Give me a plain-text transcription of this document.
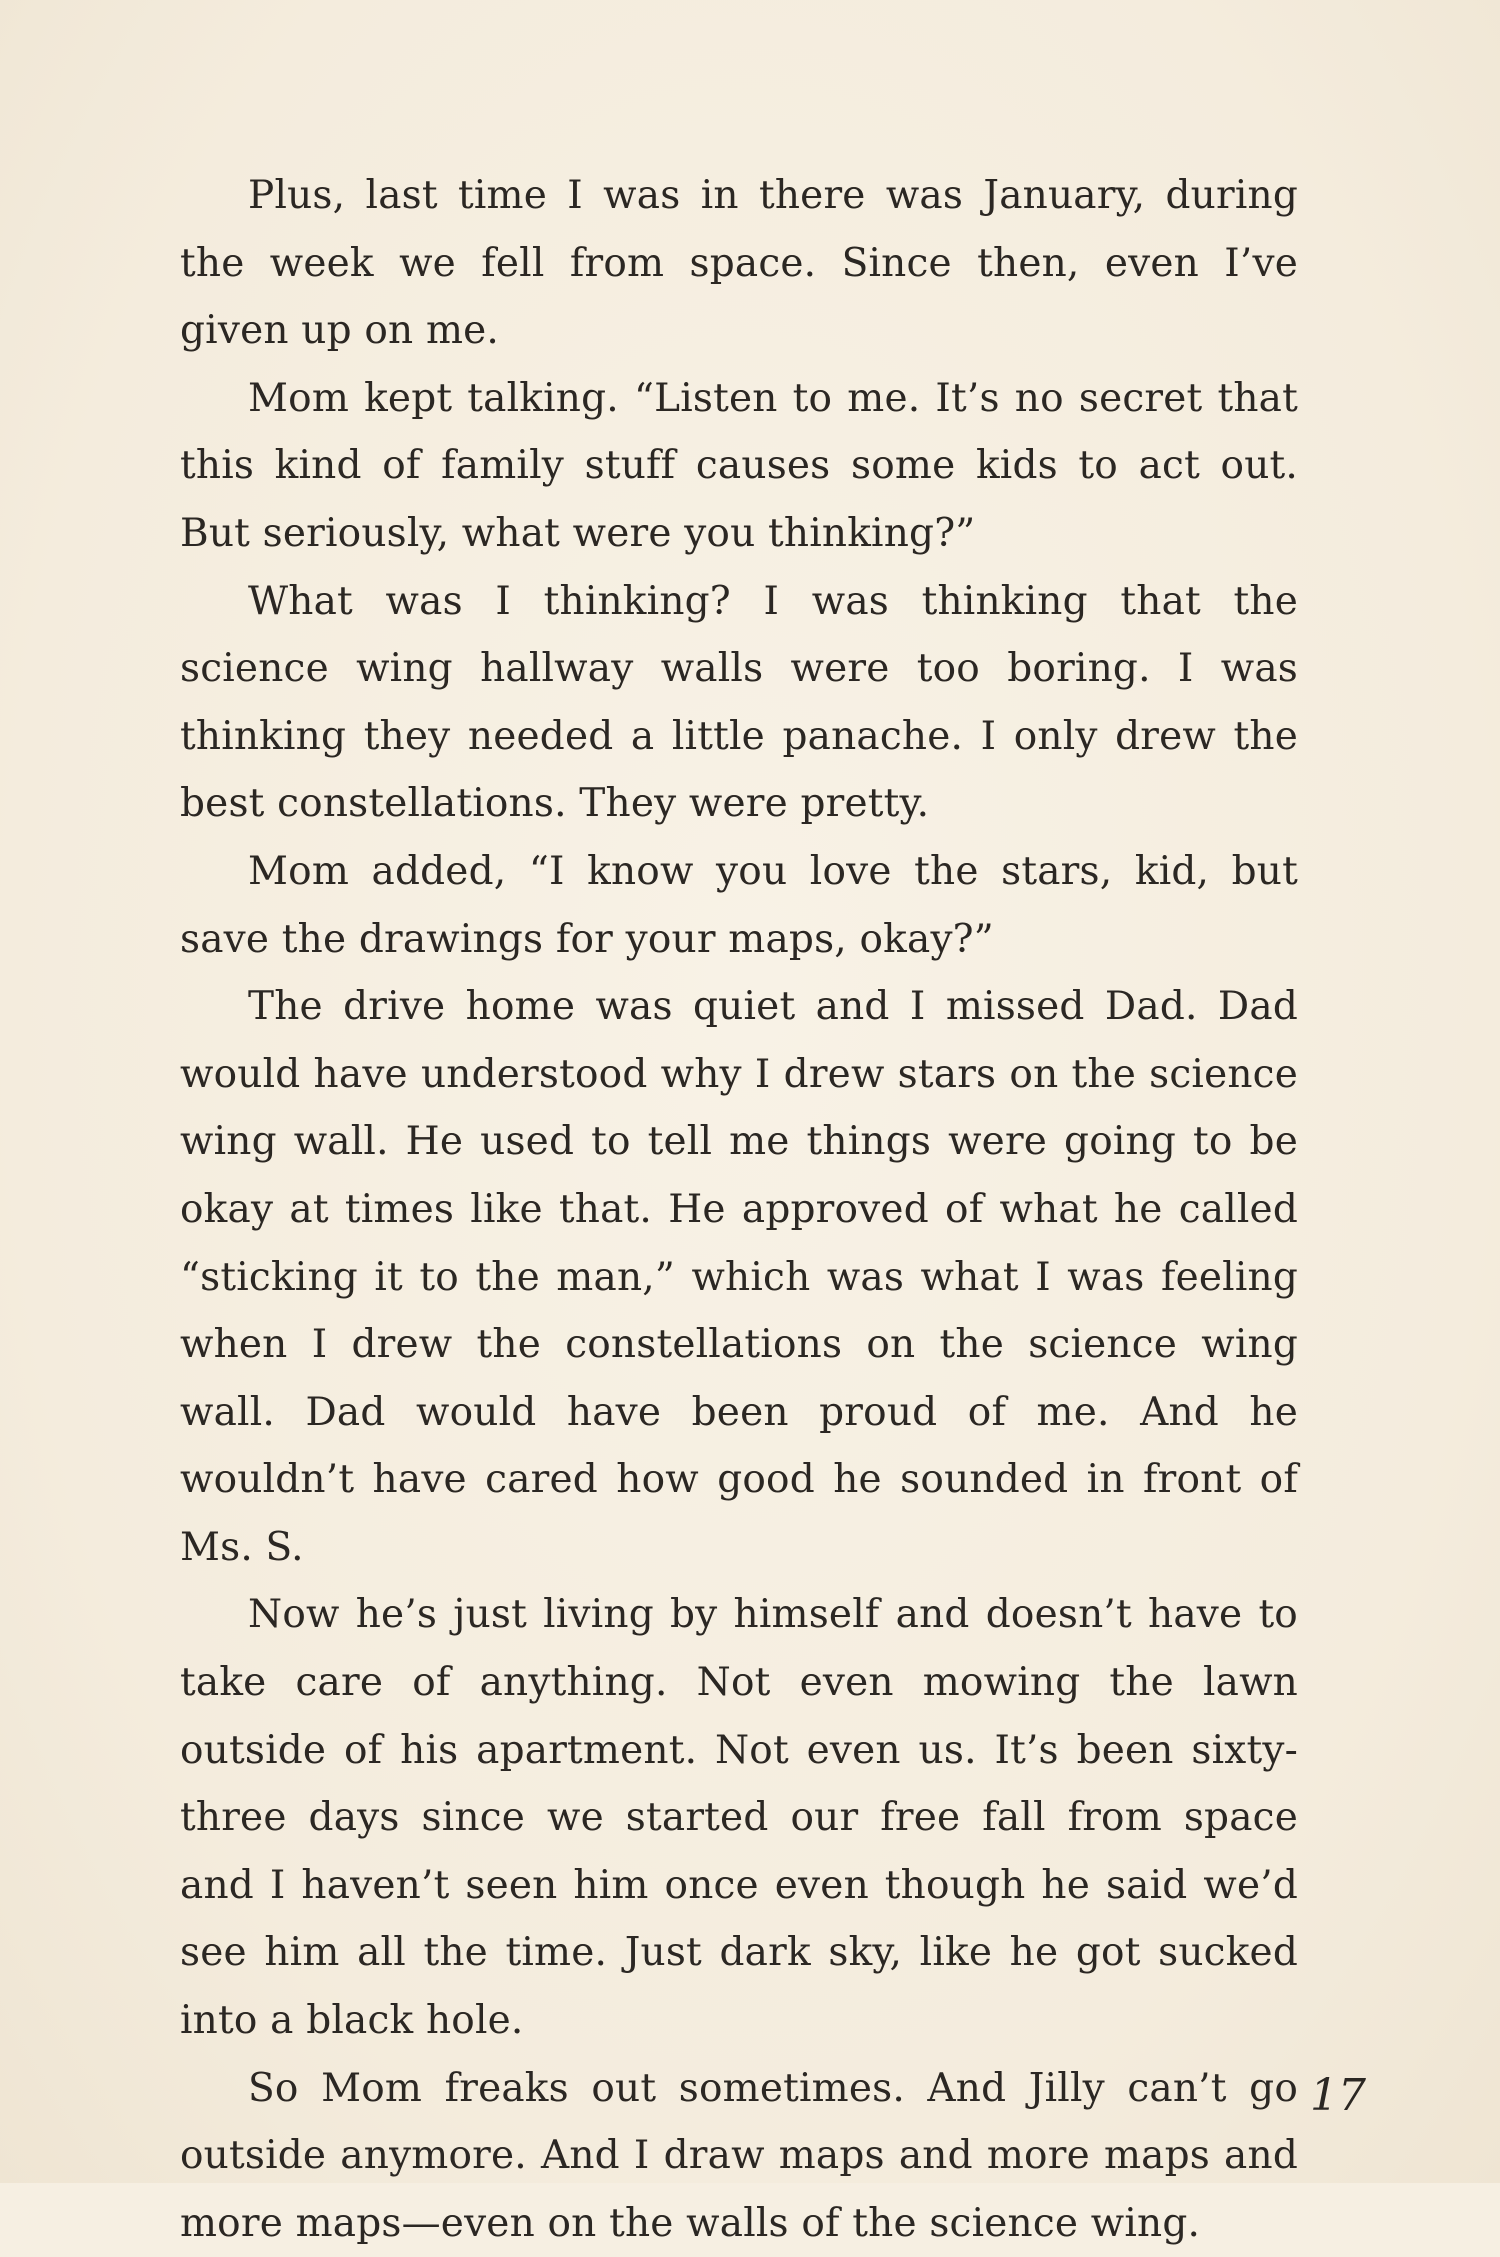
Plus, last time I was in there was January, during the week we fell from space. Since then, even I’ve given up on me.

Mom kept talking. “Listen to me. It’s no secret that this kind of family stuff causes some kids to act out. But seriously, what were you thinking?”

What was I thinking? I was thinking that the science wing hallway walls were too boring. I was thinking they needed a little panache. I only drew the best constellations. They were pretty.

Mom added, “I know you love the stars, kid, but save the drawings for your maps, okay?”

The drive home was quiet and I missed Dad. Dad would have understood why I drew stars on the science wing wall. He used to tell me things were going to be okay at times like that. He approved of what he called “sticking it to the man,” which was what I was feeling when I drew the constellations on the science wing wall. Dad would have been proud of me. And he wouldn’t have cared how good he sounded in front of Ms. S.

Now he’s just living by himself and doesn’t have to take care of anything. Not even mowing the lawn outside of his apartment. Not even us. It’s been sixty-three days since we started our free fall from space and I haven’t seen him once even though he said we’d see him all the time. Just dark sky, like he got sucked into a black hole.

So Mom freaks out sometimes. And Jilly can’t go outside anymore. And I draw maps and more maps and more maps—even on the walls of the science wing.

17
